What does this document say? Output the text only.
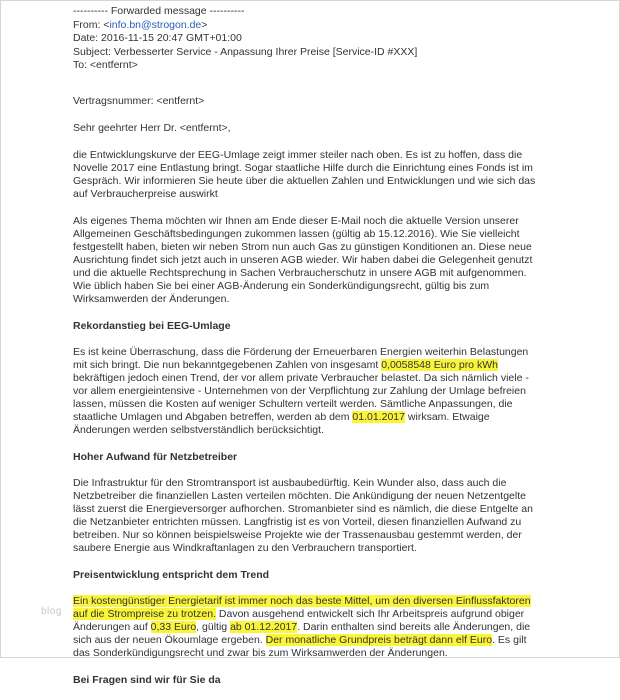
---------- Forwarded message ----------
From: <info.bn@strogon.de>
Date: 2016-11-15 20:47 GMT+01:00
Subject: Verbesserter Service - Anpassung Ihrer Preise [Service-ID #XXX]
To: <entfernt>
Vertragsnummer: <entfernt>
Sehr geehrter Herr Dr. <entfernt>,
die Entwicklungskurve der EEG-Umlage zeigt immer steiler nach oben. Es ist zu hoffen, dass die Novelle 2017 eine Entlastung bringt. Sogar staatliche Hilfe durch die Einrichtung eines Fonds ist im Gespräch. Wir informieren Sie heute über die aktuellen Zahlen und Entwicklungen und wie sich das auf Verbraucherpreise auswirkt
Als eigenes Thema möchten wir Ihnen am Ende dieser E-Mail noch die aktuelle Version unserer Allgemeinen Geschäftsbedingungen zukommen lassen (gültig ab 15.12.2016). Wie Sie vielleicht festgestellt haben, bieten wir neben Strom nun auch Gas zu günstigen Konditionen an. Diese neue Ausrichtung findet sich jetzt auch in unseren AGB wieder. Wir haben dabei die Gelegenheit genutzt und die aktuelle Rechtsprechung in Sachen Verbraucherschutz in unsere AGB mit aufgenommen. Wie üblich haben Sie bei einer AGB-Änderung ein Sonderkündigungsrecht, gültig bis zum Wirksamwerden der Änderungen.
Rekordanstieg bei EEG-Umlage
Es ist keine Überraschung, dass die Förderung der Erneuerbaren Energien weiterhin Belastungen mit sich bringt. Die nun bekanntgegebenen Zahlen von insgesamt 0,0058548 Euro pro kWh bekräftigen jedoch einen Trend, der vor allem private Verbraucher belastet. Da sich nämlich viele - vor allem energieintensive - Unternehmen von der Verpflichtung zur Zahlung der Umlage befreien lassen, müssen die Kosten auf weniger Schultern verteilt werden. Sämtliche Anpassungen, die staatliche Umlagen und Abgaben betreffen, werden ab dem 01.01.2017 wirksam. Etwaige Änderungen werden selbstverständlich berücksichtigt.
Hoher Aufwand für Netzbetreiber
Die Infrastruktur für den Stromtransport ist ausbaubedürftig. Kein Wunder also, dass auch die Netzbetreiber die finanziellen Lasten verteilen möchten. Die Ankündigung der neuen Netzentgelte lässt zuerst die Energieversorger aufhorchen. Stromanbieter sind es nämlich, die diese Entgelte an die Netzanbieter entrichten müssen. Langfristig ist es von Vorteil, diesen finanziellen Aufwand zu betreiben. Nur so können beispielsweise Projekte wie der Trassenausbau gestemmt werden, der saubere Energie aus Windkraftanlagen zu den Verbrauchern transportiert.
Preisentwicklung entspricht dem Trend
Ein kostengünstiger Energietarif ist immer noch das beste Mittel, um den diversen Einflussfaktoren auf die Strompreise zu trotzen. Davon ausgehend entwickelt sich Ihr Arbeitspreis aufgrund obiger Änderungen auf 0,33 Euro, gültig ab 01.12.2017. Darin enthalten sind bereits alle Änderungen, die sich aus der neuen Ökoumlage ergeben. Der monatliche Grundpreis beträgt dann elf Euro. Es gilt das Sonderkündigungsrecht und zwar bis zum Wirksamwerden der Änderungen.
Bei Fragen sind wir für Sie da
blog
